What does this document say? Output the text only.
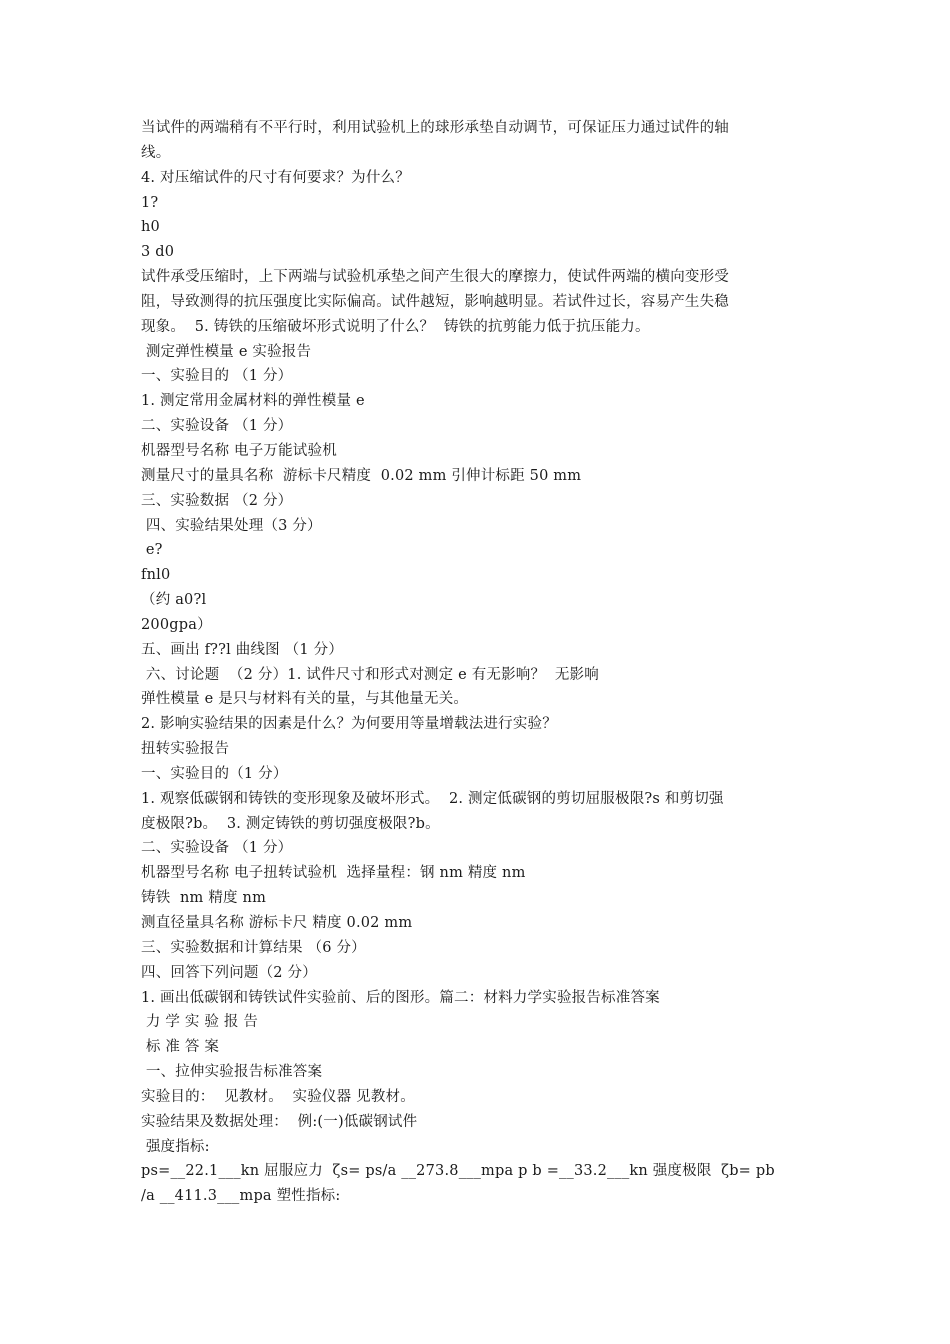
当试件的两端稍有不平行时，利用试验机上的球形承垫自动调节，可保证压力通过试件的轴
线。
4. 对压缩试件的尺寸有何要求？为什么？
1?
h0
3 d0
试件承受压缩时，上下两端与试验机承垫之间产生很大的摩擦力，使试件两端的横向变形受
阻，导致测得的抗压强度比实际偏高。试件越短，影响越明显。若试件过长，容易产生失稳
现象。  5. 铸铁的压缩破坏形式说明了什么？  铸铁的抗剪能力低于抗压能力。
测定弹性模量 e 实验报告
一、实验目的 （1 分）
1. 测定常用金属材料的弹性模量 e
二、实验设备 （1 分）
机器型号名称 电子万能试验机
测量尺寸的量具名称  游标卡尺精度  0.02 mm 引伸计标距 50 mm
三、实验数据 （2 分）
四、实验结果处理（3 分）
e?
fnl0
（约 a0?l
200gpa）
五、画出 f??l 曲线图 （1 分）
六、讨论题  （2 分）1. 试件尺寸和形式对测定 e 有无影响？  无影响
弹性模量 e 是只与材料有关的量，与其他量无关。
2. 影响实验结果的因素是什么？为何要用等量增载法进行实验？
扭转实验报告
一、实验目的（1 分）
1. 观察低碳钢和铸铁的变形现象及破坏形式。  2. 测定低碳钢的剪切屈服极限?s 和剪切强
度极限?b。  3. 测定铸铁的剪切强度极限?b。
二、实验设备 （1 分）
机器型号名称 电子扭转试验机  选择量程：钢 nm 精度 nm
铸铁  nm 精度 nm
测直径量具名称 游标卡尺 精度 0.02 mm
三、实验数据和计算结果 （6 分）
四、回答下列问题（2 分）
1. 画出低碳钢和铸铁试件实验前、后的图形。篇二：材料力学实验报告标准答案
力 学 实 验 报 告
标 准 答 案
一、拉伸实验报告标准答案
实验目的：  见教材。  实验仪器 见教材。
实验结果及数据处理：  例:(一)低碳钢试件
强度指标:
ps=__22.1___kn 屈服应力  ζs= ps/a __273.8___mpa p b =__33.2___kn 强度极限  ζb= pb
/a __411.3___mpa 塑性指标:
